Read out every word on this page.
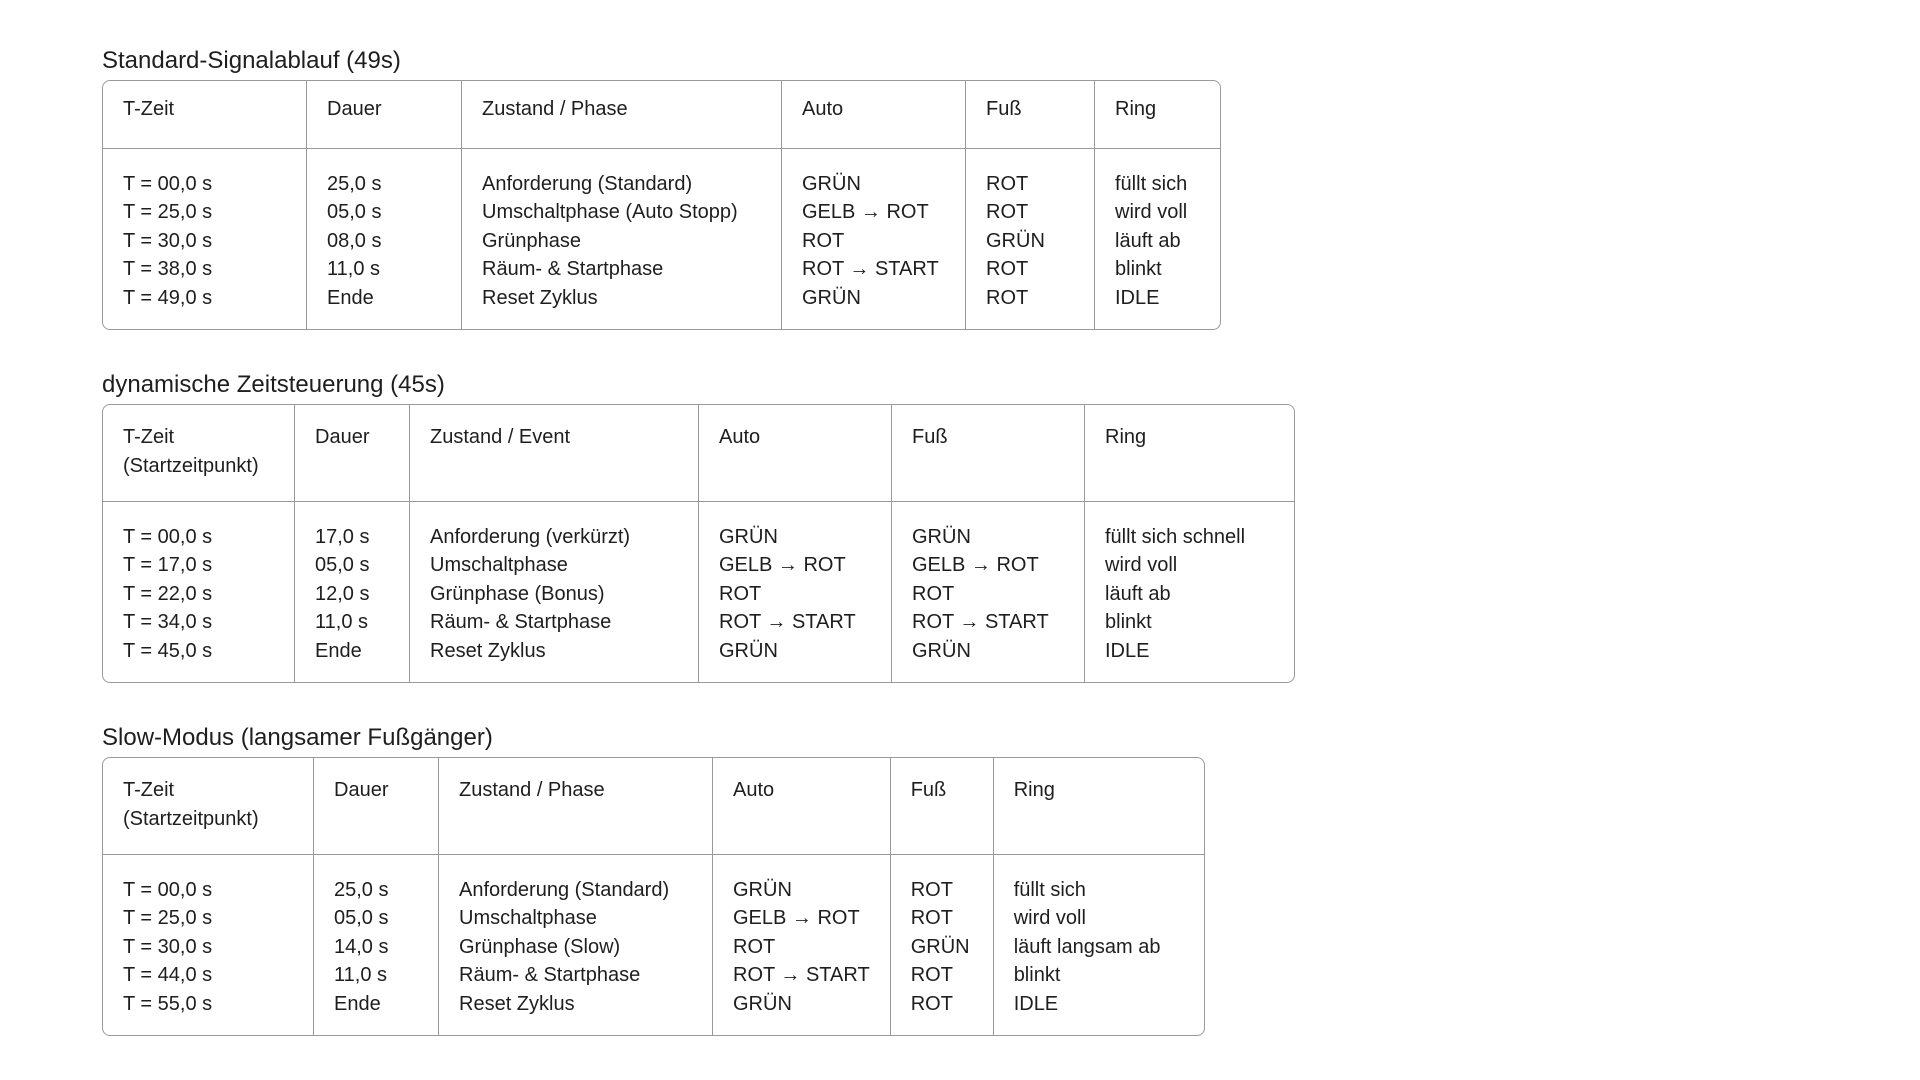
Standard-Signalablauf (49s)
T-Zeit	Dauer	Zustand / Phase	Auto	Fuß	Ring

T = 00,0 s
T = 25,0 s
T = 30,0 s
T = 38,0 s
T = 49,0 s	25,0 s
05,0 s
08,0 s
11,0 s
Ende	Anforderung (Standard)
Umschaltphase (Auto Stopp)
Grünphase
Räum- & Startphase
Reset Zyklus	GRÜN
GELB → ROT
ROT
ROT → START
GRÜN	ROT
ROT
GRÜN
ROT
ROT	füllt sich
wird voll
läuft ab
blinkt
IDLE
dynamische Zeitsteuerung (45s)
T-Zeit
(Startzeitpunkt)	Dauer	Zustand / Event	Auto	Fuß	Ring

T = 00,0 s
T = 17,0 s
T = 22,0 s
T = 34,0 s
T = 45,0 s	17,0 s
05,0 s
12,0 s
11,0 s
Ende	Anforderung (verkürzt)
Umschaltphase
Grünphase (Bonus)
Räum- & Startphase
Reset Zyklus	GRÜN
GELB → ROT
ROT
ROT → START
GRÜN	GRÜN
GELB → ROT
ROT
ROT → START
GRÜN	füllt sich schnell
wird voll
läuft ab
blinkt
IDLE
Slow-Modus (langsamer Fußgänger)
T-Zeit
(Startzeitpunkt)	Dauer	Zustand / Phase	Auto	Fuß	Ring

T = 00,0 s
T = 25,0 s
T = 30,0 s
T = 44,0 s
T = 55,0 s	25,0 s
05,0 s
14,0 s
11,0 s
Ende	Anforderung (Standard)
Umschaltphase
Grünphase (Slow)
Räum- & Startphase
Reset Zyklus	GRÜN
GELB → ROT
ROT
ROT → START
GRÜN	ROT
ROT
GRÜN
ROT
ROT	füllt sich
wird voll
läuft langsam ab
blinkt
IDLE
